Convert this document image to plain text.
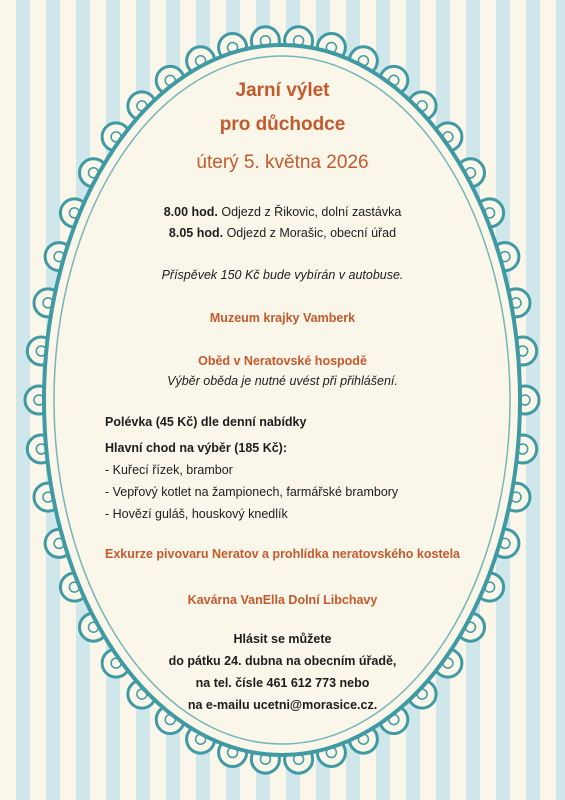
Jarní výlet
pro důchodce
úterý 5. května 2026
8.00 hod. Odjezd z Řikovic, dolní zastávka
8.05 hod. Odjezd z Morašic, obecní úřad
Příspěvek 150 Kč bude vybírán v autobuse.
Muzeum krajky Vamberk
Oběd v Neratovské hospodě
Výběr oběda je nutné uvést při přihlášení.
Polévka (45 Kč) dle denní nabídky
Hlavní chod na výběr (185 Kč):
- Kuřecí řízek, brambor
- Vepřový kotlet na žampionech, farmářské brambory
- Hovězí guláš, houskový knedlík
Exkurze pivovaru Neratov a prohlídka neratovského kostela
Kavárna VanElla Dolní Libchavy
Hlásit se můžete
do pátku 24. dubna na obecním úřadě,
na tel. čísle 461 612 773 nebo
na e-mailu ucetni@morasice.cz.
